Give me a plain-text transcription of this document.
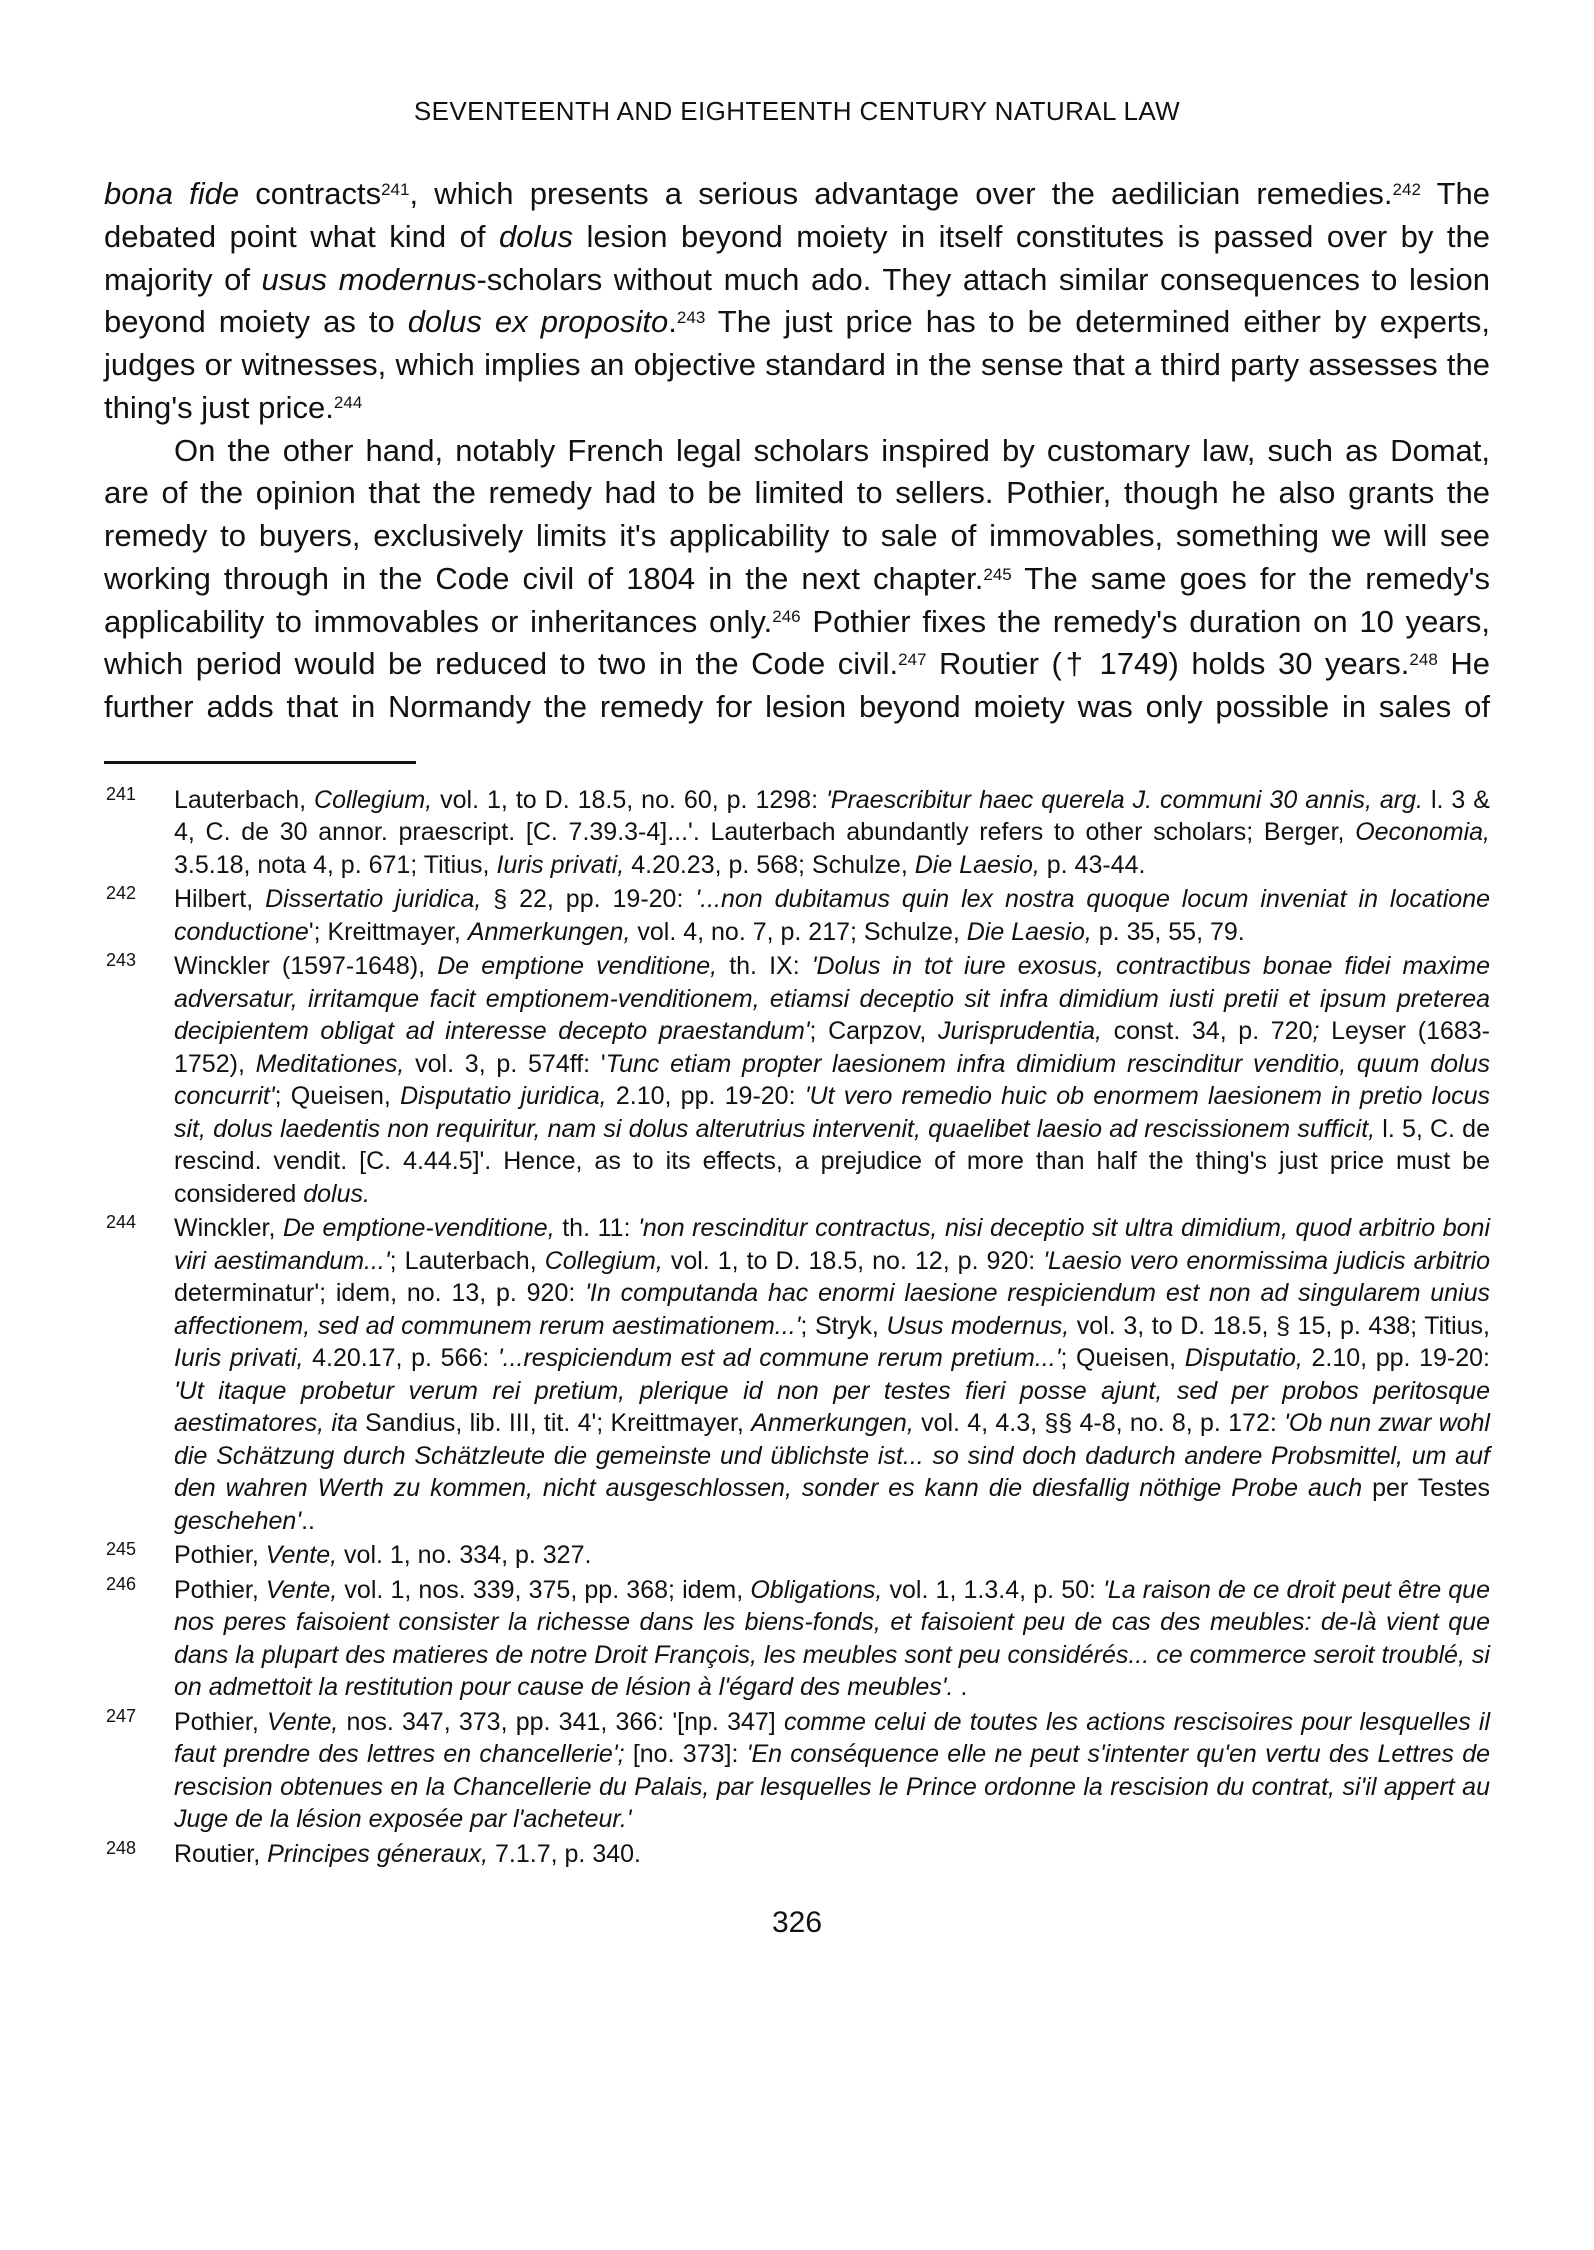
SEVENTEENTH AND EIGHTEENTH CENTURY NATURAL LAW

bona fide contracts$^{241}$, which presents a serious advantage over the aedilician remedies.$^{242}$ The debated point what kind of dolus lesion beyond moiety in itself constitutes is passed over by the majority of usus modernus-scholars without much ado. They attach similar consequences to lesion beyond moiety as to dolus ex proposito.$^{243}$ The just price has to be determined either by experts, judges or witnesses, which implies an objective standard in the sense that a third party assesses the thing's just price.$^{244}$

On the other hand, notably French legal scholars inspired by customary law, such as Domat, are of the opinion that the remedy had to be limited to sellers. Pothier, though he also grants the remedy to buyers, exclusively limits it's applicability to sale of immovables, something we will see working through in the Code civil of 1804 in the next chapter.$^{245}$ The same goes for the remedy's applicability to immovables or inheritances only.$^{246}$ Pothier fixes the remedy's duration on 10 years, which period would be reduced to two in the Code civil.$^{247}$ Routier († 1749) holds 30 years.$^{248}$ He further adds that in Normandy the remedy for lesion beyond moiety was only possible in sales of

241 Lauterbach, Collegium, vol. 1, to D. 18.5, no. 60, p. 1298: 'Praescribitur haec querela J. communi 30 annis, arg. l. 3 & 4, C. de 30 annor. praescript. [C. 7.39.3-4]...'. Lauterbach abundantly refers to other scholars; Berger, Oeconomia, 3.5.18, nota 4, p. 671; Titius, Iuris privati, 4.20.23, p. 568; Schulze, Die Laesio, p. 43-44.
242 Hilbert, Dissertatio juridica, § 22, pp. 19-20: '...non dubitamus quin lex nostra quoque locum inveniat in locatione conductione'; Kreittmayer, Anmerkungen, vol. 4, no. 7, p. 217; Schulze, Die Laesio, p. 35, 55, 79.
243 Winckler (1597-1648), De emptione venditione, th. IX: 'Dolus in tot iure exosus, contractibus bonae fidei maxime adversatur, irritamque facit emptionem-venditionem, etiamsi deceptio sit infra dimidium iusti pretii et ipsum preterea decipientem obligat ad interesse decepto praestandum'; Carpzov, Jurisprudentia, const. 34, p. 720; Leyser (1683-1752), Meditationes, vol. 3, p. 574ff: 'Tunc etiam propter laesionem infra dimidium rescinditur venditio, quum dolus concurrit'; Queisen, Disputatio juridica, 2.10, pp. 19-20: 'Ut vero remedio huic ob enormem laesionem in pretio locus sit, dolus laedentis non requiritur, nam si dolus alterutrius intervenit, quaelibet laesio ad rescissionem sufficit, l. 5, C. de rescind. vendit. [C. 4.44.5]'. Hence, as to its effects, a prejudice of more than half the thing's just price must be considered dolus.
244 Winckler, De emptione-venditione, th. 11: 'non rescinditur contractus, nisi deceptio sit ultra dimidium, quod arbitrio boni viri aestimandum...'; Lauterbach, Collegium, vol. 1, to D. 18.5, no. 12, p. 920: 'Laesio vero enormissima judicis arbitrio determinatur'; idem, no. 13, p. 920: 'In computanda hac enormi laesione respiciendum est non ad singularem unius affectionem, sed ad communem rerum aestimationem...'; Stryk, Usus modernus, vol. 3, to D. 18.5, § 15, p. 438; Titius, Iuris privati, 4.20.17, p. 566: '...respiciendum est ad commune rerum pretium...'; Queisen, Disputatio, 2.10, pp. 19-20: 'Ut itaque probetur verum rei pretium, plerique id non per testes fieri posse ajunt, sed per probos peritosque aestimatores, ita Sandius, lib. III, tit. 4'; Kreittmayer, Anmerkungen, vol. 4, 4.3, §§ 4-8, no. 8, p. 172: 'Ob nun zwar wohl die Schätzung durch Schätzleute die gemeinste und üblichste ist... so sind doch dadurch andere Probsmittel, um auf den wahren Werth zu kommen, nicht ausgeschlossen, sonder es kann die diesfallig nöthige Probe auch per Testes geschehen'..
245 Pothier, Vente, vol. 1, no. 334, p. 327.
246 Pothier, Vente, vol. 1, nos. 339, 375, pp. 368; idem, Obligations, vol. 1, 1.3.4, p. 50: 'La raison de ce droit peut être que nos peres faisoient consister la richesse dans les biens-fonds, et faisoient peu de cas des meubles: de-là vient que dans la plupart des matieres de notre Droit François, les meubles sont peu considérés... ce commerce seroit troublé, si on admettoit la restitution pour cause de lésion à l'égard des meubles'. .
247 Pothier, Vente, nos. 347, 373, pp. 341, 366: '[np. 347] comme celui de toutes les actions rescisoires pour lesquelles il faut prendre des lettres en chancellerie'; [no. 373]: 'En conséquence elle ne peut s'intenter qu'en vertu des Lettres de rescision obtenues en la Chancellerie du Palais, par lesquelles le Prince ordonne la rescision du contrat, si'il appert au Juge de la lésion exposée par l'acheteur.'
248 Routier, Principes géneraux, 7.1.7, p. 340.
326
